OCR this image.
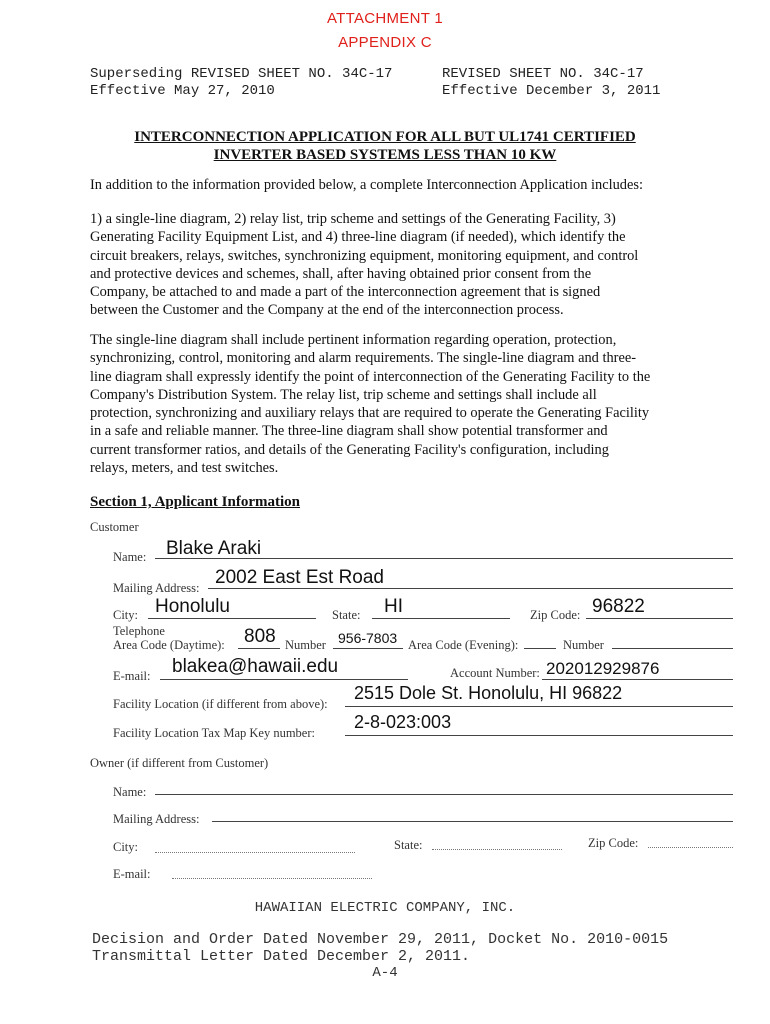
ATTACHMENT 1
APPENDIX C
Superseding REVISED SHEET NO. 34C-17
Effective May 27, 2010
REVISED SHEET NO. 34C-17
Effective December 3, 2011
INTERCONNECTION APPLICATION FOR ALL BUT UL1741 CERTIFIED
INVERTER BASED SYSTEMS LESS THAN 10 KW
In addition to the information provided below, a complete Interconnection Application includes:
1) a single-line diagram, 2) relay list, trip scheme and settings of the Generating Facility, 3)
Generating Facility Equipment List, and 4) three-line diagram (if needed), which identify the
circuit breakers, relays, switches, synchronizing equipment, monitoring equipment, and control
and protective devices and schemes, shall, after having obtained prior consent from the
Company, be attached to and made a part of the interconnection agreement that is signed
between the Customer and the Company at the end of the interconnection process.
The single-line diagram shall include pertinent information regarding operation, protection,
synchronizing, control, monitoring and alarm requirements. The single-line diagram and three-
line diagram shall expressly identify the point of interconnection of the Generating Facility to the
Company's Distribution System. The relay list, trip scheme and settings shall include all
protection, synchronizing and auxiliary relays that are required to operate the Generating Facility
in a safe and reliable manner. The three-line diagram shall show potential transformer and
current transformer ratios, and details of the Generating Facility's configuration, including
relays, meters, and test switches.
Section 1, Applicant Information
Customer
Name: Blake Araki
Mailing Address: 2002 East Est Road
City: Honolulu	State: HI	Zip Code: 96822
Telephone
Area Code (Daytime): 808 Number 956-7803 Area Code (Evening):	Number
E-mail: blakea@hawaii.edu	Account Number: 202012929876
Facility Location (if different from above):
2515 Dole St. Honolulu, HI 96822
Facility Location Tax Map Key number:
2-8-023:003
Owner (if different from Customer)
Name:
Mailing Address:
City:	State:	Zip Code:
E-mail:
HAWAIIAN ELECTRIC COMPANY, INC.
Decision and Order Dated November 29, 2011, Docket No. 2010-0015
Transmittal Letter Dated December 2, 2011.
A-4
